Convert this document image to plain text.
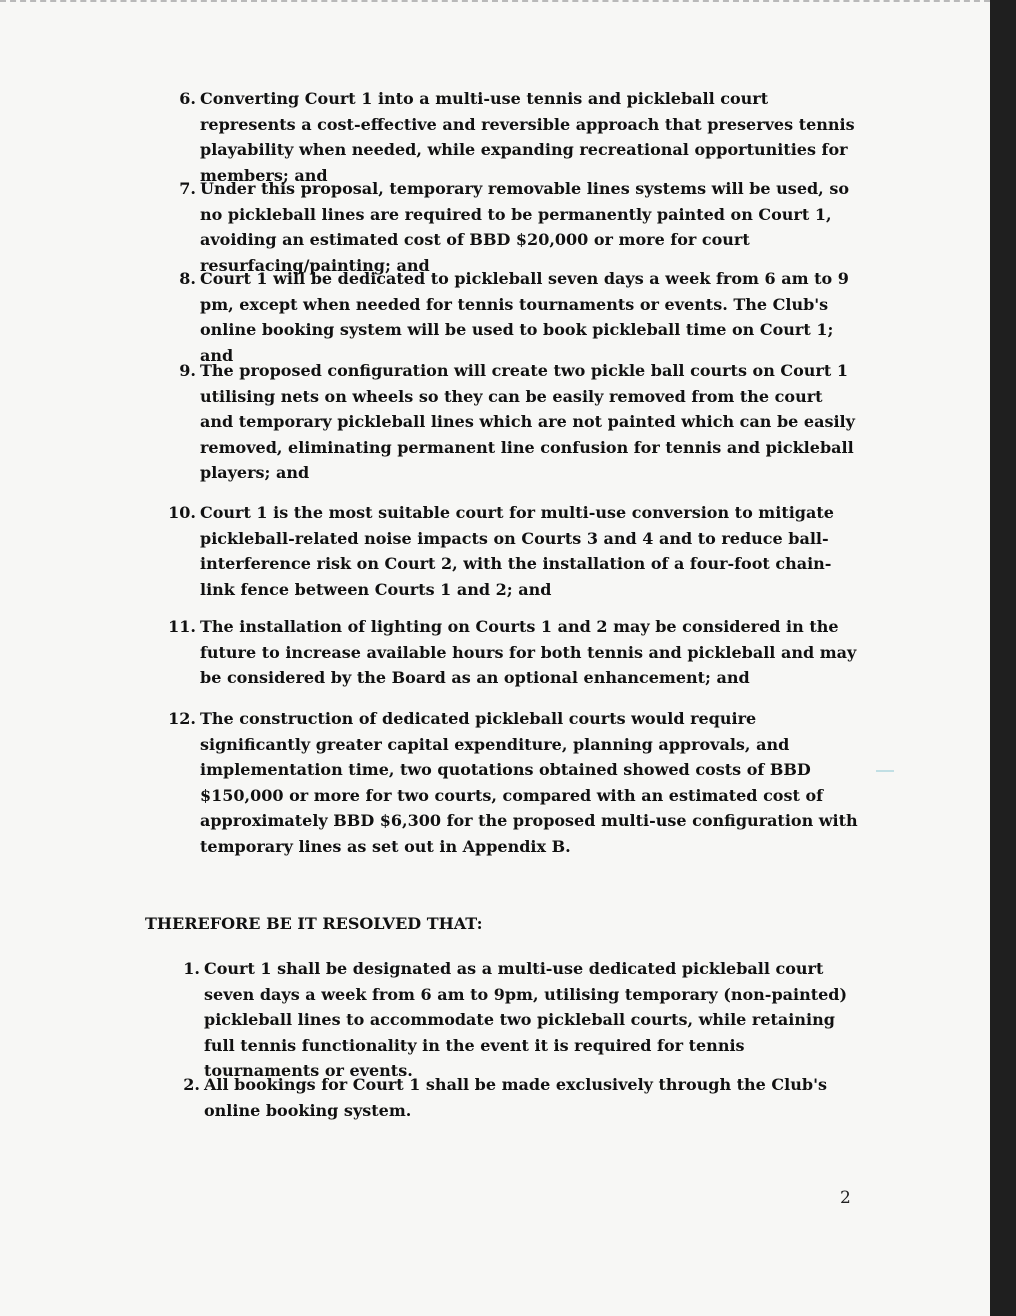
6. Converting Court 1 into a multi-use tennis and pickleball court represents a cost-effective and reversible approach that preserves tennis playability when needed, while expanding recreational opportunities for members; and
7. Under this proposal, temporary removable lines systems will be used, so no pickleball lines are required to be permanently painted on Court 1, avoiding an estimated cost of BBD $20,000 or more for court resurfacing/painting; and
8. Court 1 will be dedicated to pickleball seven days a week from 6 am to 9 pm, except when needed for tennis tournaments or events. The Club's online booking system will be used to book pickleball time on Court 1; and
9. The proposed configuration will create two pickle ball courts on Court 1 utilising nets on wheels so they can be easily removed from the court and temporary pickleball lines which are not painted which can be easily removed, eliminating permanent line confusion for tennis and pickleball players; and
10. Court 1 is the most suitable court for multi-use conversion to mitigate pickleball-related noise impacts on Courts 3 and 4 and to reduce ball-interference risk on Court 2, with the installation of a four-foot chain-link fence between Courts 1 and 2; and
11. The installation of lighting on Courts 1 and 2 may be considered in the future to increase available hours for both tennis and pickleball and may be considered by the Board as an optional enhancement; and
12. The construction of dedicated pickleball courts would require significantly greater capital expenditure, planning approvals, and implementation time, two quotations obtained showed costs of BBD $150,000 or more for two courts, compared with an estimated cost of approximately BBD $6,300 for the proposed multi-use configuration with temporary lines as set out in Appendix B.
THEREFORE BE IT RESOLVED THAT:
1. Court 1 shall be designated as a multi-use dedicated pickleball court seven days a week from 6 am to 9pm, utilising temporary (non-painted) pickleball lines to accommodate two pickleball courts, while retaining full tennis functionality in the event it is required for tennis tournaments or events.
2. All bookings for Court 1 shall be made exclusively through the Club's online booking system.
2
